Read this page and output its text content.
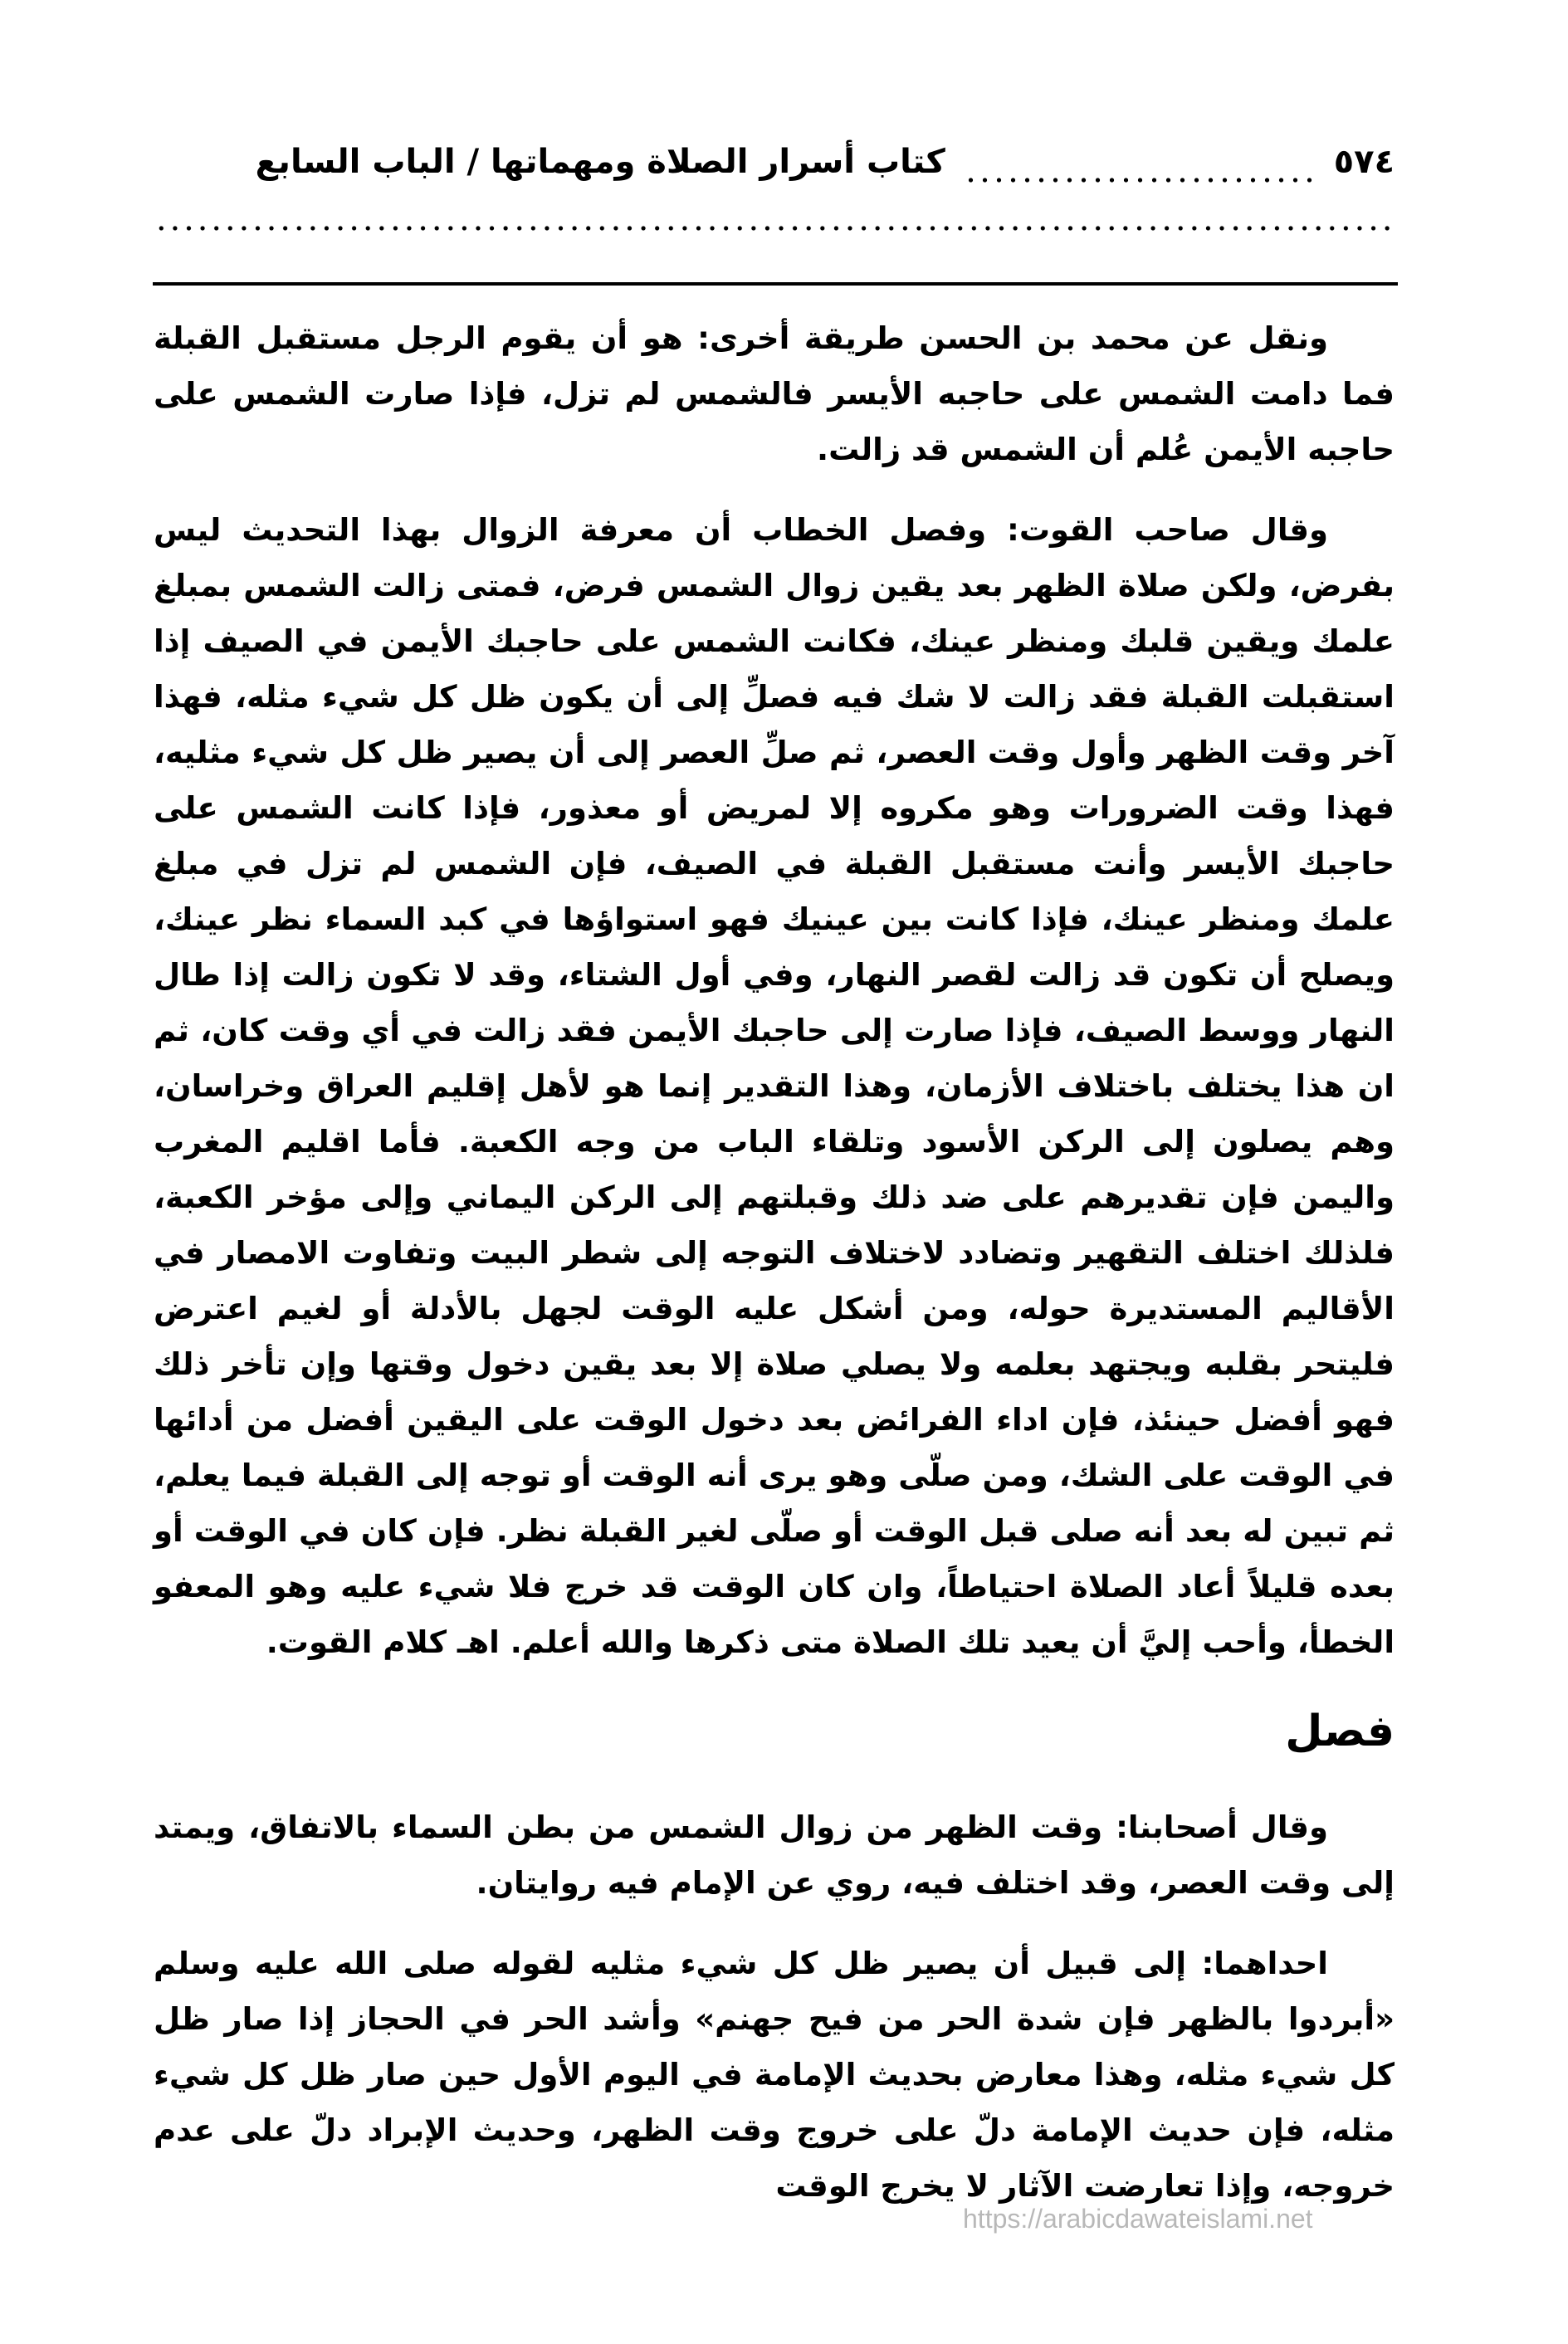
٥٧٤
كتاب أسرار الصلاة ومهماتها / الباب السابع

ونقل عن محمد بن الحسن طريقة أخرى: هو أن يقوم الرجل مستقبل القبلة فما دامت الشمس على حاجبه الأيسر فالشمس لم تزل، فإذا صارت الشمس على حاجبه الأيمن عُلم أن الشمس قد زالت.

وقال صاحب القوت: وفصل الخطاب أن معرفة الزوال بهذا التحديث ليس بفرض، ولكن صلاة الظهر بعد يقين زوال الشمس فرض، فمتى زالت الشمس بمبلغ علمك ويقين قلبك ومنظر عينك، فكانت الشمس على حاجبك الأيمن في الصيف إذا استقبلت القبلة فقد زالت لا شك فيه فصلِّ إلى أن يكون ظل كل شيء مثله، فهذا آخر وقت الظهر وأول وقت العصر، ثم صلِّ العصر إلى أن يصير ظل كل شيء مثليه، فهذا وقت الضرورات وهو مكروه إلا لمريض أو معذور، فإذا كانت الشمس على حاجبك الأيسر وأنت مستقبل القبلة في الصيف، فإن الشمس لم تزل في مبلغ علمك ومنظر عينك، فإذا كانت بين عينيك فهو استواؤها في كبد السماء نظر عينك، ويصلح أن تكون قد زالت لقصر النهار، وفي أول الشتاء، وقد لا تكون زالت إذا طال النهار ووسط الصيف، فإذا صارت إلى حاجبك الأيمن فقد زالت في أي وقت كان، ثم ان هذا يختلف باختلاف الأزمان، وهذا التقدير إنما هو لأهل إقليم العراق وخراسان، وهم يصلون إلى الركن الأسود وتلقاء الباب من وجه الكعبة. فأما اقليم المغرب واليمن فإن تقديرهم على ضد ذلك وقبلتهم إلى الركن اليماني وإلى مؤخر الكعبة، فلذلك اختلف التقهير وتضادد لاختلاف التوجه إلى شطر البيت وتفاوت الامصار في الأقاليم المستديرة حوله، ومن أشكل عليه الوقت لجهل بالأدلة أو لغيم اعترض فليتحر بقلبه ويجتهد بعلمه ولا يصلي صلاة إلا بعد يقين دخول وقتها وإن تأخر ذلك فهو أفضل حينئذ، فإن اداء الفرائض بعد دخول الوقت على اليقين أفضل من أدائها في الوقت على الشك، ومن صلّى وهو يرى أنه الوقت أو توجه إلى القبلة فيما يعلم، ثم تبين له بعد أنه صلى قبل الوقت أو صلّى لغير القبلة نظر. فإن كان في الوقت أو بعده قليلاً أعاد الصلاة احتياطاً، وان كان الوقت قد خرج فلا شيء عليه وهو المعفو الخطأ، وأحب إليَّ أن يعيد تلك الصلاة متى ذكرها والله أعلم. اهـ كلام القوت.

فصل

وقال أصحابنا: وقت الظهر من زوال الشمس من بطن السماء بالاتفاق، ويمتد إلى وقت العصر، وقد اختلف فيه، روي عن الإمام فيه روايتان.

احداهما: إلى قبيل أن يصير ظل كل شيء مثليه لقوله صلى الله عليه وسلم «أبردوا بالظهر فإن شدة الحر من فيح جهنم» وأشد الحر في الحجاز إذا صار ظل كل شيء مثله، وهذا معارض بحديث الإمامة في اليوم الأول حين صار ظل كل شيء مثله، فإن حديث الإمامة دلّ على خروج وقت الظهر، وحديث الإبراد دلّ على عدم خروجه، وإذا تعارضت الآثار لا يخرج الوقت

https://arabicdawateislami.net
